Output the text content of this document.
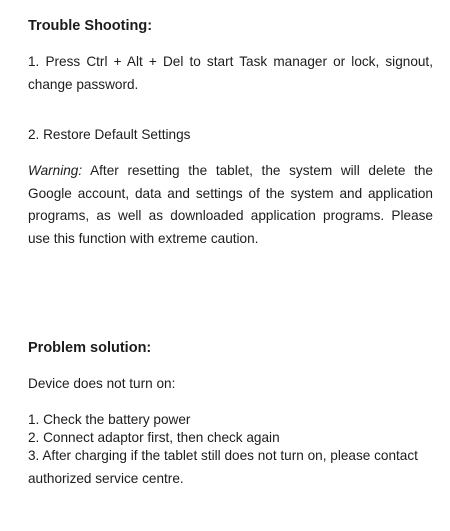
Trouble Shooting:
1. Press Ctrl + Alt + Del to start Task manager or lock, signout, change password.
2. Restore Default Settings
Warning: After resetting the tablet, the system will delete the Google account, data and settings of the system and application programs, as well as downloaded application programs. Please use this function with extreme caution.
Problem solution:
Device does not turn on:
1. Check the battery power
2. Connect adaptor first, then check again
3. After charging if the tablet still does not turn on, please contact authorized service centre.
